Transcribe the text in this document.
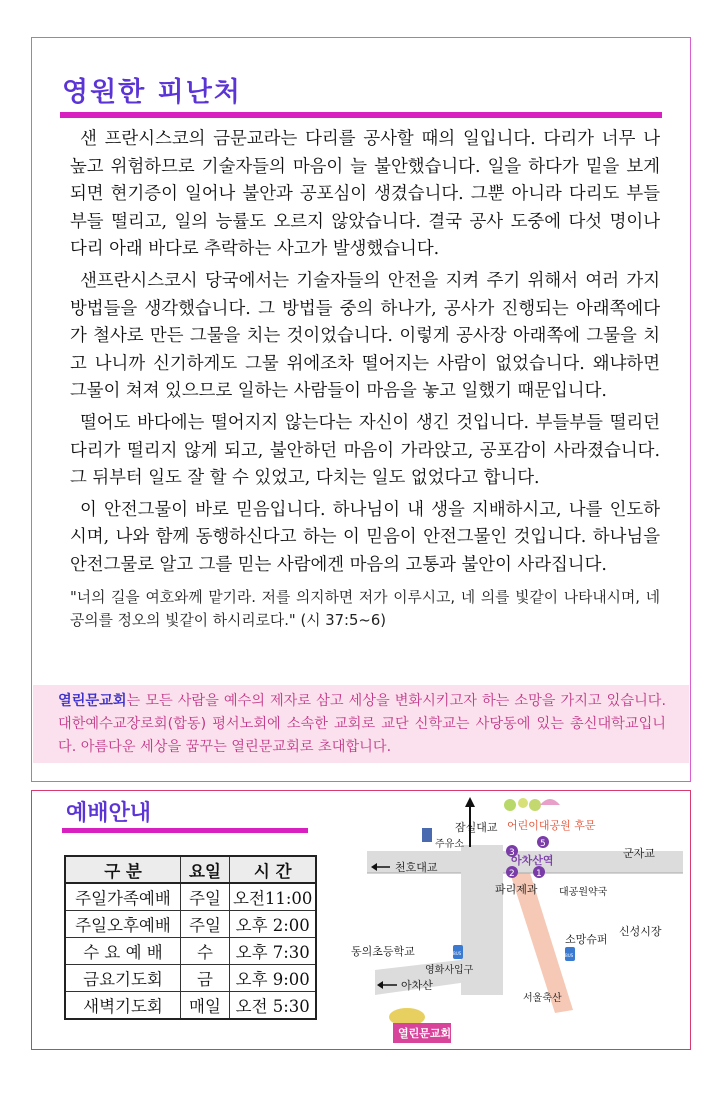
영원한 피난처

샌 프란시스코의 금문교라는 다리를 공사할 때의 일입니다. 다리가 너무 나 높고 위험하므로 기술자들의 마음이 늘 불안했습니다. 일을 하다가 밑을 보게 되면 현기증이 일어나 불안과 공포심이 생겼습니다. 그뿐 아니라 다리도 부들부들 떨리고, 일의 능률도 오르지 않았습니다. 결국 공사 도중에 다섯 명이나 다리 아래 바다로 추락하는 사고가 발생했습니다.

샌프란시스코시 당국에서는 기술자들의 안전을 지켜 주기 위해서 여러 가지 방법들을 생각했습니다. 그 방법들 중의 하나가, 공사가 진행되는 아래쪽에다가 철사로 만든 그물을 치는 것이었습니다. 이렇게 공사장 아래쪽에 그물을 치고 나니까 신기하게도 그물 위에조차 떨어지는 사람이 없었습니다. 왜냐하면 그물이 쳐져 있으므로 일하는 사람들이 마음을 놓고 일했기 때문입니다.

떨어도 바다에는 떨어지지 않는다는 자신이 생긴 것입니다. 부들부들 떨리던 다리가 떨리지 않게 되고, 불안하던 마음이 가라앉고, 공포감이 사라졌습니다. 그 뒤부터 일도 잘 할 수 있었고, 다치는 일도 없었다고 합니다.

이 안전그물이 바로 믿음입니다. 하나님이 내 생을 지배하시고, 나를 인도하시며, 나와 함께 동행하신다고 하는 이 믿음이 안전그물인 것입니다. 하나님을 안전그물로 알고 그를 믿는 사람에겐 마음의 고통과 불안이 사라집니다.

"너의 길을 여호와께 맡기라. 저를 의지하면 저가 이루시고, 네 의를 빛같이 나타내시며, 네 공의를 정오의 빛같이 하시리로다." (시 37:5~6)

열린문교회는 모든 사람을 예수의 제자로 삼고 세상을 변화시키고자 하는 소망을 가지고 있습니다. 대한예수교장로회(합동) 평서노회에 소속한 교회로 교단 신학교는 사당동에 있는 총신대학교입니다. 아름다운 세상을 꿈꾸는 열린문교회로 초대합니다.
예배안내
구 분	요일	시 간
주일가족예배	주일	오전11:00
주일오후예배	주일	오후 2:00
수 요 예 배	수	오후 7:30
금요기도회	금	오후 9:00
새벽기도회	매일	오전 5:30
어린이대공원 후문
잠실대교
주유소
3
5
2 1
아차산역
군자교
천호대교
파리제과 대공원약국
동의초등학교
소망슈퍼
신성시장
BUS	BUS
영화사입구
아차산
서울축산
열린문교회
